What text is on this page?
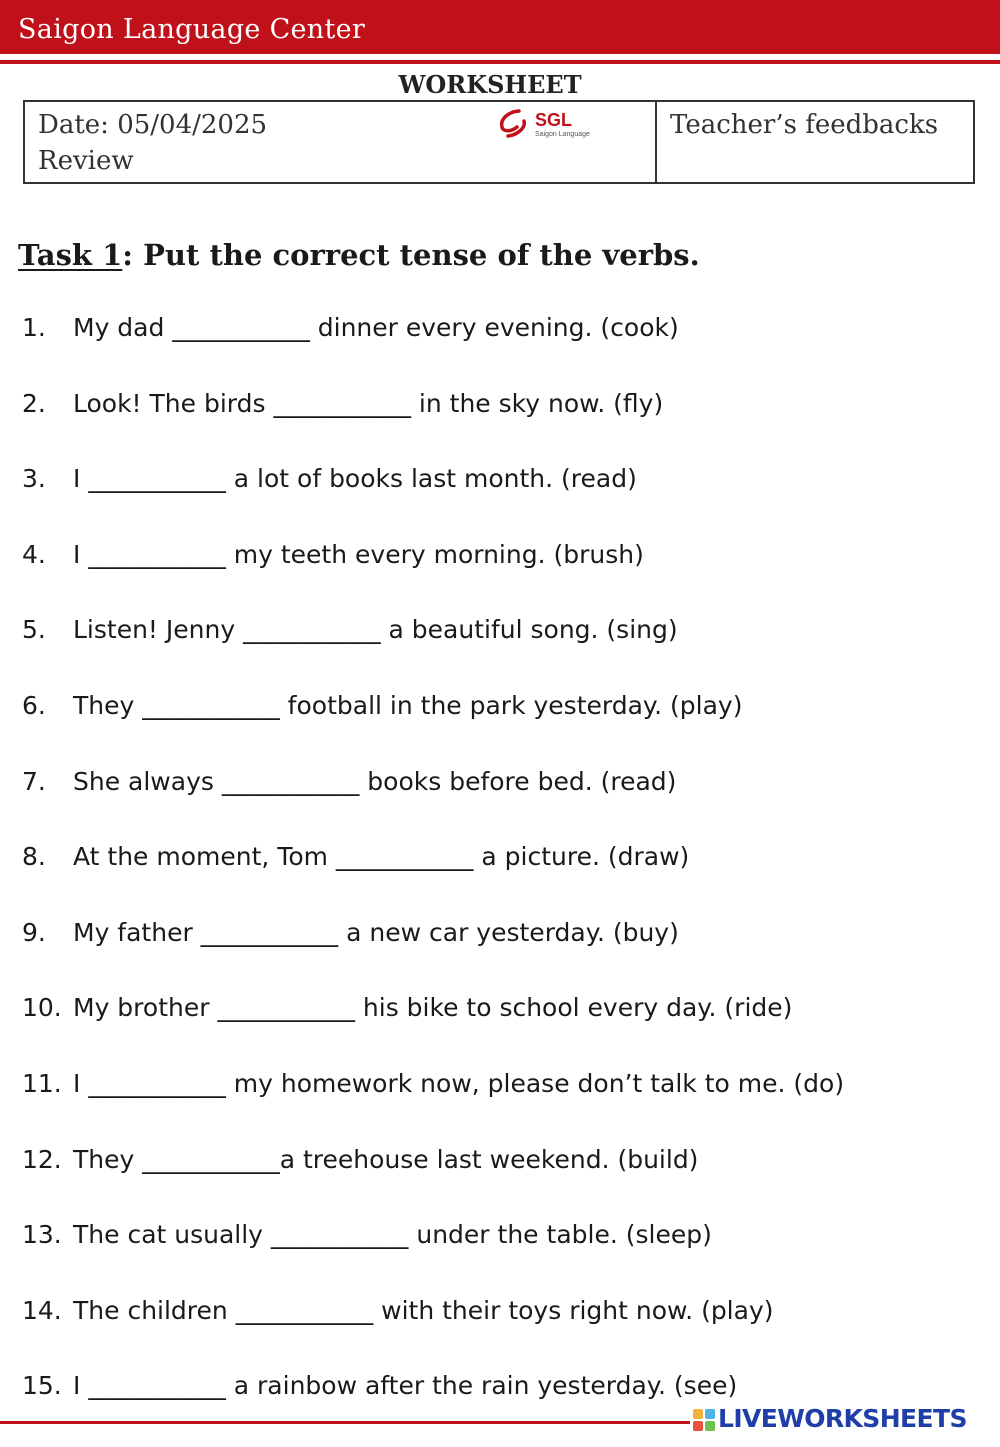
Saigon Language Center
WORKSHEET
Date: 05/04/2025
Review
SGL
Saigon Language	Teacher’s feedbacks
Task 1: Put the correct tense of the verbs.
1. My dad ___________ dinner every evening. (cook)
2. Look! The birds ___________ in the sky now. (fly)
3. I ___________ a lot of books last month. (read)
4. I ___________ my teeth every morning. (brush)
5. Listen! Jenny ___________ a beautiful song. (sing)
6. They ___________ football in the park yesterday. (play)
7. She always ___________ books before bed. (read)
8. At the moment, Tom ___________ a picture. (draw)
9. My father ___________ a new car yesterday. (buy)
10. My brother ___________ his bike to school every day. (ride)
11. I ___________ my homework now, please don’t talk to me. (do)
12. They ___________a treehouse last weekend. (build)
13. The cat usually ___________ under the table. (sleep)
14. The children ___________ with their toys right now. (play)
15. I ___________ a rainbow after the rain yesterday. (see)
LIVEWORKSHEETS
